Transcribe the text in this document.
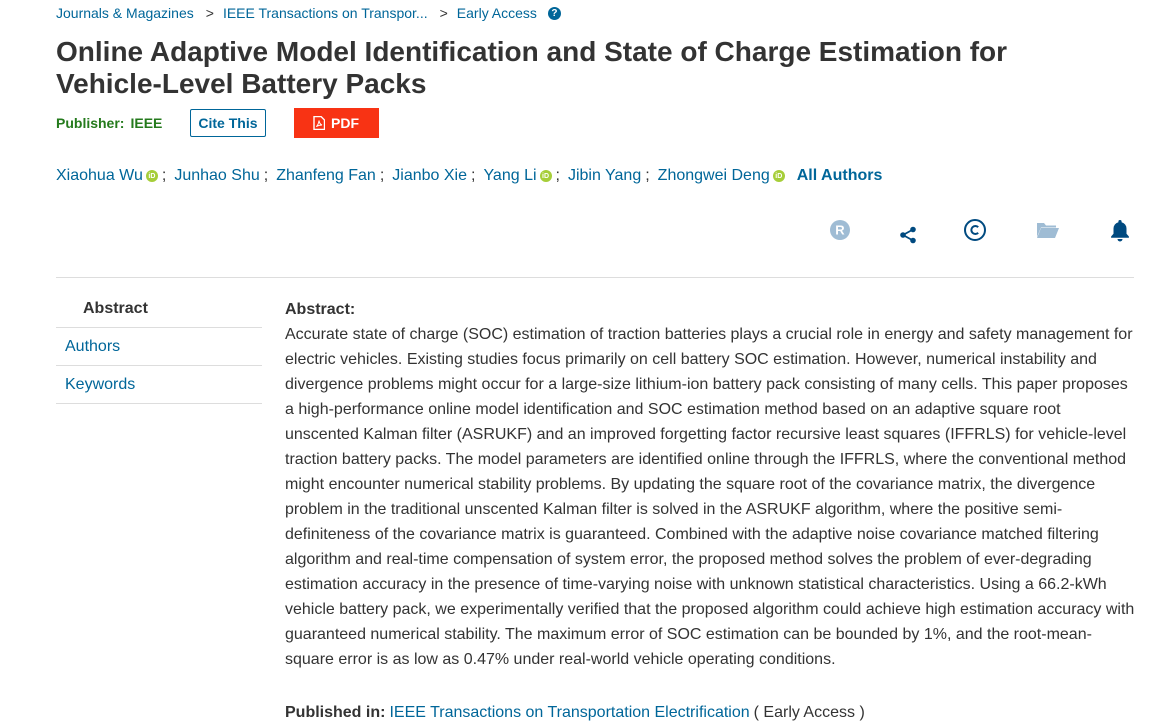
Journals & Magazines > IEEE Transactions on Transpor... > Early Access	?
Online Adaptive Model Identification and State of Charge Estimation for Vehicle-Level Battery Packs
Publisher: IEEE	Cite This	PDF
Xiaohua Wu iD ; Junhao Shu ; Zhanfeng Fan ; Jianbo Xie ; Yang Li iD ; Jibin Yang ; Zhongwei Deng iD All Authors
R
Abstract
Authors
Keywords
Abstract:
Accurate state of charge (SOC) estimation of traction batteries plays a crucial role in energy and safety management for electric vehicles. Existing studies focus primarily on cell battery SOC estimation. However, numerical instability and divergence problems might occur for a large-size lithium-ion battery pack consisting of many cells. This paper proposes a high-performance online model identification and SOC estimation method based on an adaptive square root unscented Kalman filter (ASRUKF) and an improved forgetting factor recursive least squares (IFFRLS) for vehicle-level traction battery packs. The model parameters are identified online through the IFFRLS, where the conventional method might encounter numerical stability problems. By updating the square root of the covariance matrix, the divergence problem in the traditional unscented Kalman filter is solved in the ASRUKF algorithm, where the positive semi-definiteness of the covariance matrix is guaranteed. Combined with the adaptive noise covariance matched filtering algorithm and real-time compensation of system error, the proposed method solves the problem of ever-degrading estimation accuracy in the presence of time-varying noise with unknown statistical characteristics. Using a 66.2-kWh vehicle battery pack, we experimentally verified that the proposed algorithm could achieve high estimation accuracy with guaranteed numerical stability. The maximum error of SOC estimation can be bounded by 1%, and the root-mean-square error is as low as 0.47% under real-world vehicle operating conditions.
Published in: IEEE Transactions on Transportation Electrification ( Early Access )
